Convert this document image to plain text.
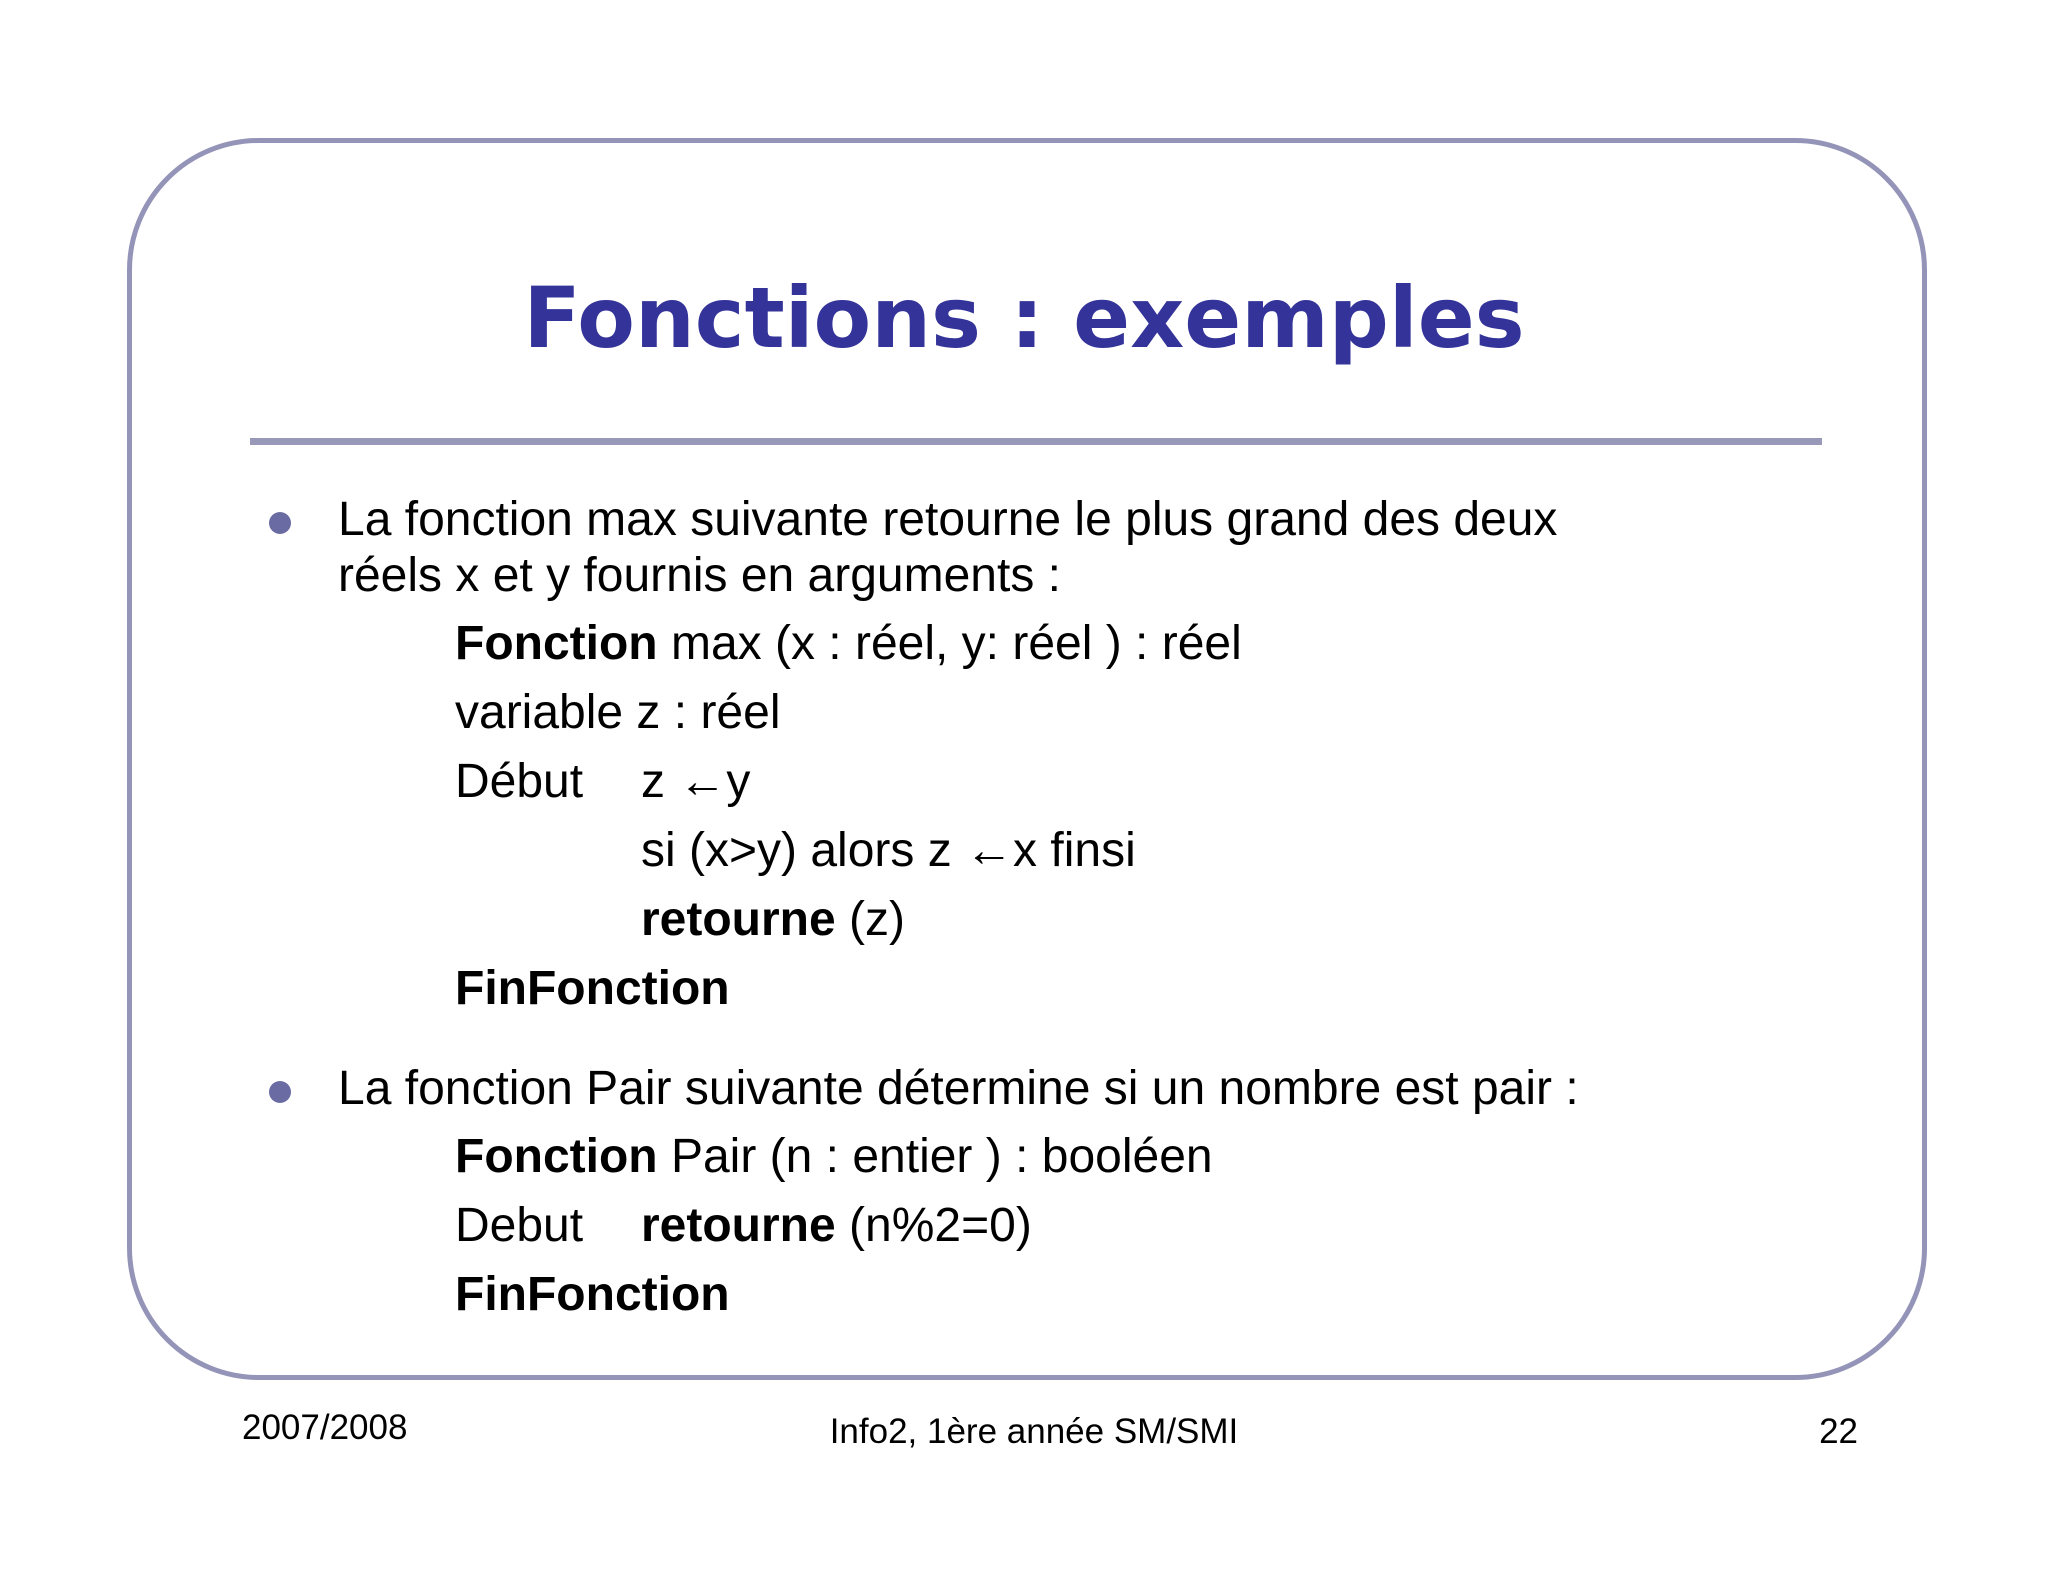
Fonctions : exemples
La fonction max suivante retourne le plus grand des deux
réels x et y fournis en arguments :
Fonction max (x : réel, y: réel ) : réel
variable z : réel
Début z ←y
si (x>y) alors z ←x finsi
retourne (z)
FinFonction
La fonction Pair suivante détermine si un nombre est pair :
Fonction Pair (n : entier ) : booléen
Debut retourne (n%2=0)
FinFonction
2007/2008	Info2, 1ère année SM/SMI	22
